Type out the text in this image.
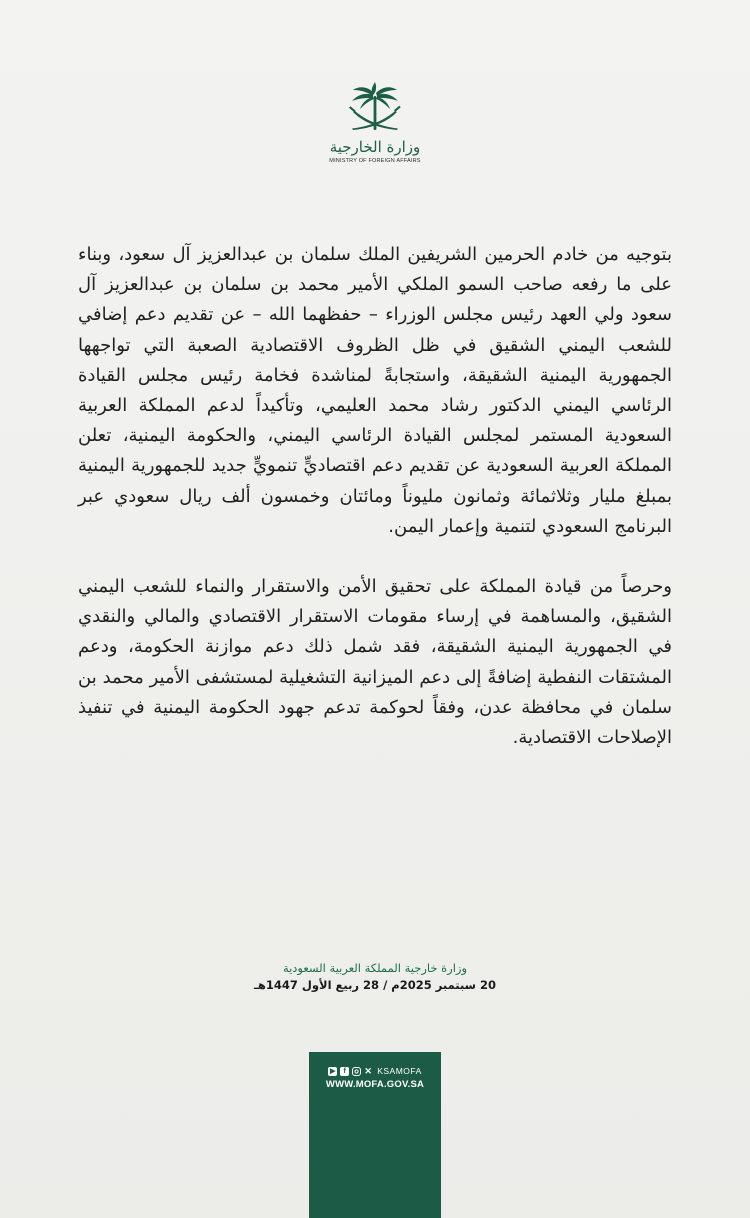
وزارة الخارجية
MINISTRY OF FOREIGN AFFAIRS

بتوجيه من خادم الحرمين الشريفين الملك سلمان بن عبدالعزيز آل سعود، وبناء على ما رفعه صاحب السمو الملكي الأمير محمد بن سلمان بن عبدالعزيز آل سعود ولي العهد رئيس مجلس الوزراء – حفظهما الله – عن تقديم دعم إضافي للشعب اليمني الشقيق في ظل الظروف الاقتصادية الصعبة التي تواجهها الجمهورية اليمنية الشقيقة، واستجابةً لمناشدة فخامة رئيس مجلس القيادة الرئاسي اليمني الدكتور رشاد محمد العليمي، وتأكيداً لدعم المملكة العربية السعودية المستمر لمجلس القيادة الرئاسي اليمني، والحكومة اليمنية، تعلن المملكة العربية السعودية عن تقديم دعم اقتصاديٍّ تنمويٍّ جديد للجمهورية اليمنية بمبلغ مليار وثلاثمائة وثمانون مليوناً ومائتان وخمسون ألف ريال سعودي عبر البرنامج السعودي لتنمية وإعمار اليمن.

وحرصاً من قيادة المملكة على تحقيق الأمن والاستقرار والنماء للشعب اليمني الشقيق، والمساهمة في إرساء مقومات الاستقرار الاقتصادي والمالي والنقدي في الجمهورية اليمنية الشقيقة، فقد شمل ذلك دعم موازنة الحكومة، ودعم المشتقات النفطية إضافةً إلى دعم الميزانية التشغيلية لمستشفى الأمير محمد بن سلمان في محافظة عدن، وفقاً لحوكمة تدعم جهود الحكومة اليمنية في تنفيذ الإصلاحات الاقتصادية.

وزارة خارجية المملكة العربية السعودية
20 سبتمبر 2025م / 28 ربيع الأول 1447هـ
▶	f	✕ KSAMOFA
WWW.MOFA.GOV.SA
